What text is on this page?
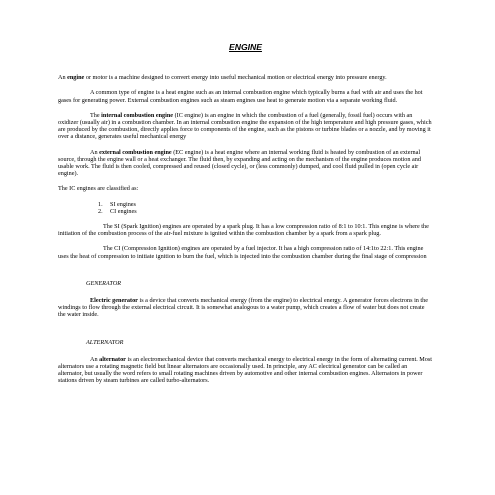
ENGINE

An engine or motor is a machine designed to convert energy into useful mechanical motion or electrical energy into pressure energy.

A common type of engine is a heat engine such as an internal combustion engine which typically burns a fuel with air and uses the hot gases for generating power. External combustion engines such as steam engines use heat to generate motion via a separate working fluid.

The internal combustion engine (IC engine) is an engine in which the combustion of a fuel (generally, fossil fuel) occurs with an oxidizer (usually air) in a combustion chamber. In an internal combustion engine the expansion of the high temperature and high pressure gases, which are produced by the combustion, directly applies force to components of the engine, such as the pistons or turbine blades or a nozzle, and by moving it over a distance, generates useful mechanical energy

An external combustion engine (EC engine) is a heat engine where an internal working fluid is heated by combustion of an external source, through the engine wall or a heat exchanger. The fluid then, by expanding and acting on the mechanism of the engine produces motion and usable work. The fluid is then cooled, compressed and reused (closed cycle), or (less commonly) dumped, and cool fluid pulled in (open cycle air engine).

The IC engines are classified as:

1. SI engines
2. CI engines

The SI (Spark Ignition) engines are operated by a spark plug. It has a low compression ratio of 8:1 to 10:1. This engine is where the initiation of the combustion process of the air-fuel mixture is ignited within the combustion chamber by a spark from a spark plug.

The CI (Compression Ignition) engines are operated by a fuel injector. It has a high compression ratio of 14:1to 22:1. This engine uses the heat of compression to initiate ignition to burn the fuel, which is injected into the combustion chamber during the final stage of compression

GENERATOR

Electric generator is a device that converts mechanical energy (from the engine) to electrical energy. A generator forces electrons in the windings to flow through the external electrical circuit. It is somewhat analogous to a water pump, which creates a flow of water but does not create the water inside.

ALTERNATOR

An alternator is an electromechanical device that converts mechanical energy to electrical energy in the form of alternating current. Most alternators use a rotating magnetic field but linear alternators are occasionally used. In principle, any AC electrical generator can be called an alternator, but usually the word refers to small rotating machines driven by automotive and other internal combustion engines. Alternators in power stations driven by steam turbines are called turbo-alternators.
